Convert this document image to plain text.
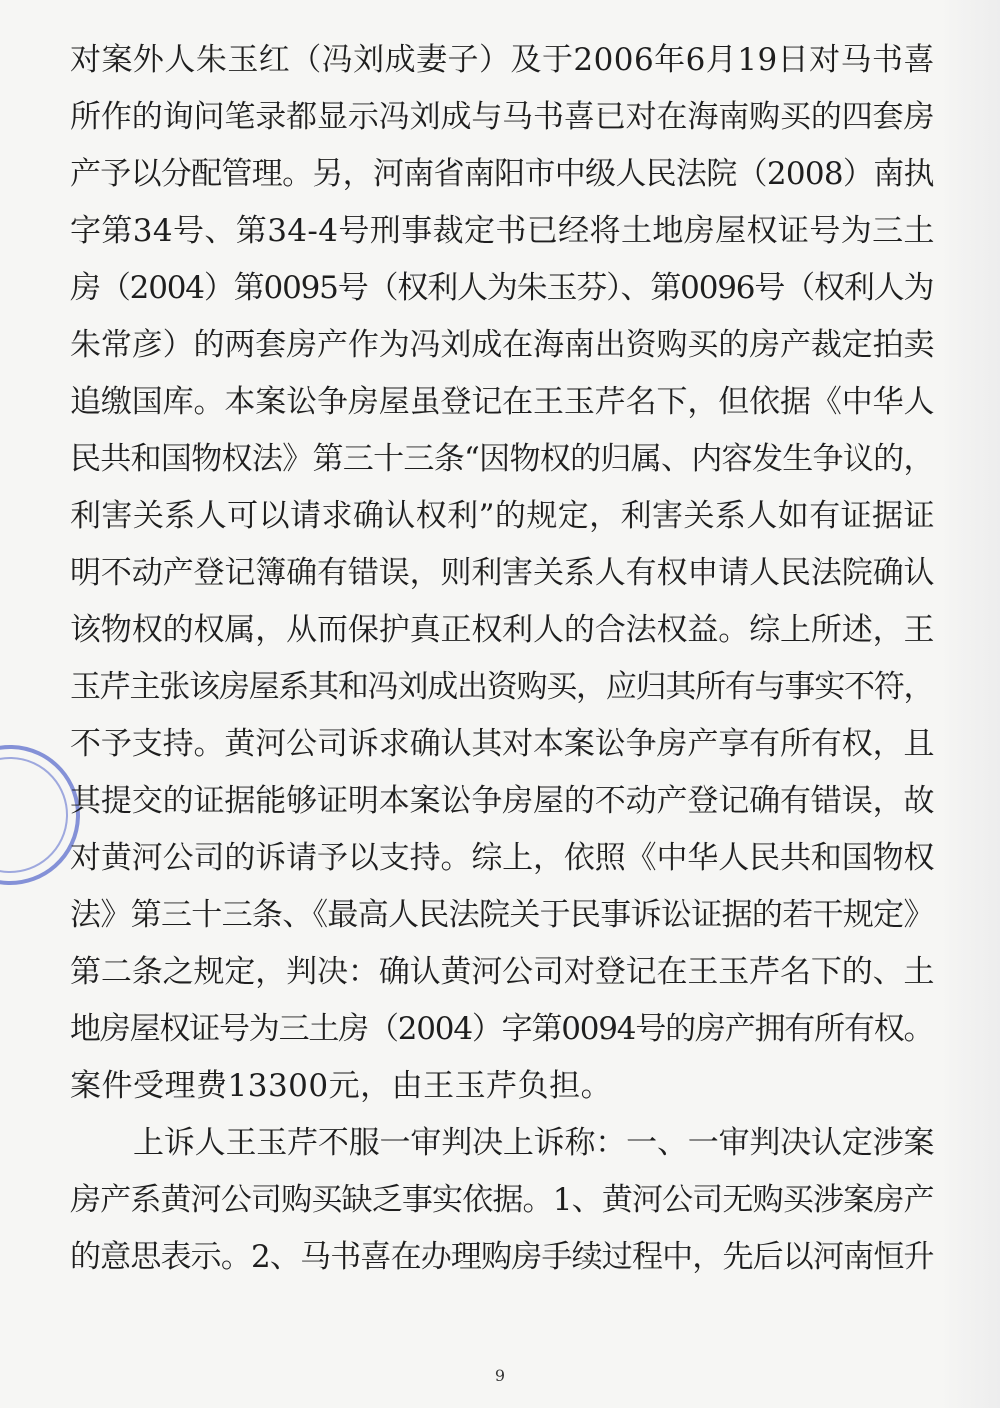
对案外人朱玉红（冯刘成妻子）及于2006年6月19日对马书喜
所作的询问笔录都显示冯刘成与马书喜已对在海南购买的四套房
产予以分配管理。另，河南省南阳市中级人民法院（2008）南执
字第34号、第34-4号刑事裁定书已经将土地房屋权证号为三土
房（2004）第0095号（权利人为朱玉芬）、第0096号（权利人为
朱常彦）的两套房产作为冯刘成在海南出资购买的房产裁定拍卖
追缴国库。本案讼争房屋虽登记在王玉芹名下，但依据《中华人
民共和国物权法》第三十三条“因物权的归属、内容发生争议的，
利害关系人可以请求确认权利”的规定，利害关系人如有证据证
明不动产登记簿确有错误，则利害关系人有权申请人民法院确认
该物权的权属，从而保护真正权利人的合法权益。综上所述，王
玉芹主张该房屋系其和冯刘成出资购买，应归其所有与事实不符，
不予支持。黄河公司诉求确认其对本案讼争房产享有所有权，且
其提交的证据能够证明本案讼争房屋的不动产登记确有错误，故
对黄河公司的诉请予以支持。综上，依照《中华人民共和国物权
法》第三十三条、《最高人民法院关于民事诉讼证据的若干规定》
第二条之规定，判决：确认黄河公司对登记在王玉芹名下的、土
地房屋权证号为三土房（2004）字第0094号的房产拥有所有权。
案件受理费13300元，由王玉芹负担。
上诉人王玉芹不服一审判决上诉称：一、一审判决认定涉案
房产系黄河公司购买缺乏事实依据。1、黄河公司无购买涉案房产
的意思表示。2、马书喜在办理购房手续过程中，先后以河南恒升
9
